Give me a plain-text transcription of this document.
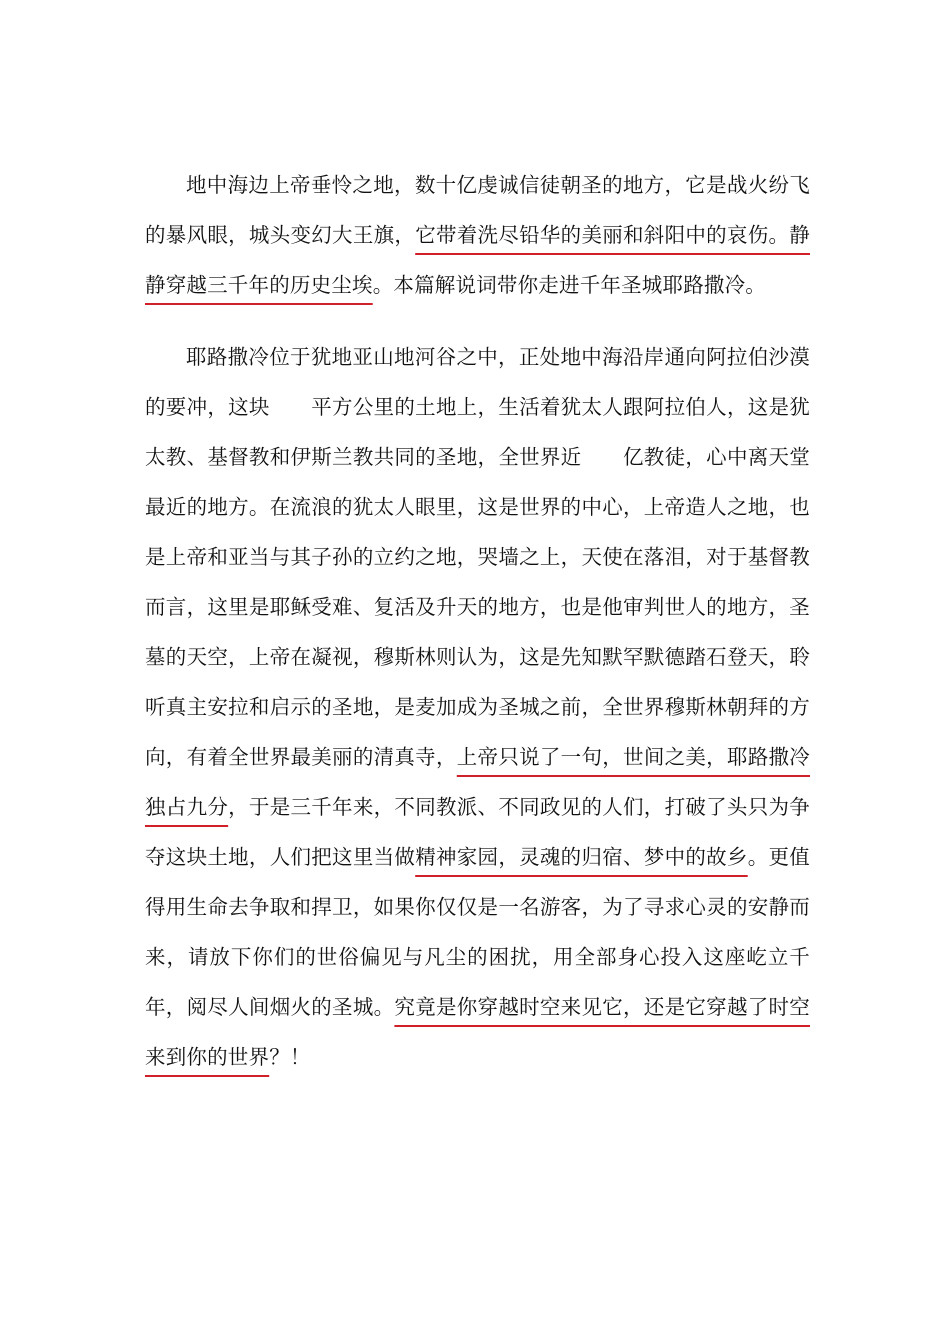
地中海边上帝垂怜之地，数十亿虔诚信徒朝圣的地方，它是战火纷飞的暴风眼，城头变幻大王旗，它带着洗尽铅华的美丽和斜阳中的哀伤。静静穿越三千年的历史尘埃。本篇解说词带你走进千年圣城耶路撒冷。

耶路撒冷位于犹地亚山地河谷之中，正处地中海沿岸通向阿拉伯沙漠的要冲，这块　　平方公里的土地上，生活着犹太人跟阿拉伯人，这是犹太教、基督教和伊斯兰教共同的圣地，全世界近　　亿教徒，心中离天堂最近的地方。在流浪的犹太人眼里，这是世界的中心，上帝造人之地，也是上帝和亚当与其子孙的立约之地，哭墙之上，天使在落泪，对于基督教而言，这里是耶稣受难、复活及升天的地方，也是他审判世人的地方，圣墓的天空，上帝在凝视，穆斯林则认为，这是先知默罕默德踏石登天，聆听真主安拉和启示的圣地，是麦加成为圣城之前，全世界穆斯林朝拜的方向，有着全世界最美丽的清真寺，上帝只说了一句，世间之美，耶路撒冷独占九分，于是三千年来，不同教派、不同政见的人们，打破了头只为争夺这块土地，人们把这里当做精神家园，灵魂的归宿、梦中的故乡。更值得用生命去争取和捍卫，如果你仅仅是一名游客，为了寻求心灵的安静而来，请放下你们的世俗偏见与凡尘的困扰，用全部身心投入这座屹立千年，阅尽人间烟火的圣城。究竟是你穿越时空来见它，还是它穿越了时空来到你的世界？！
